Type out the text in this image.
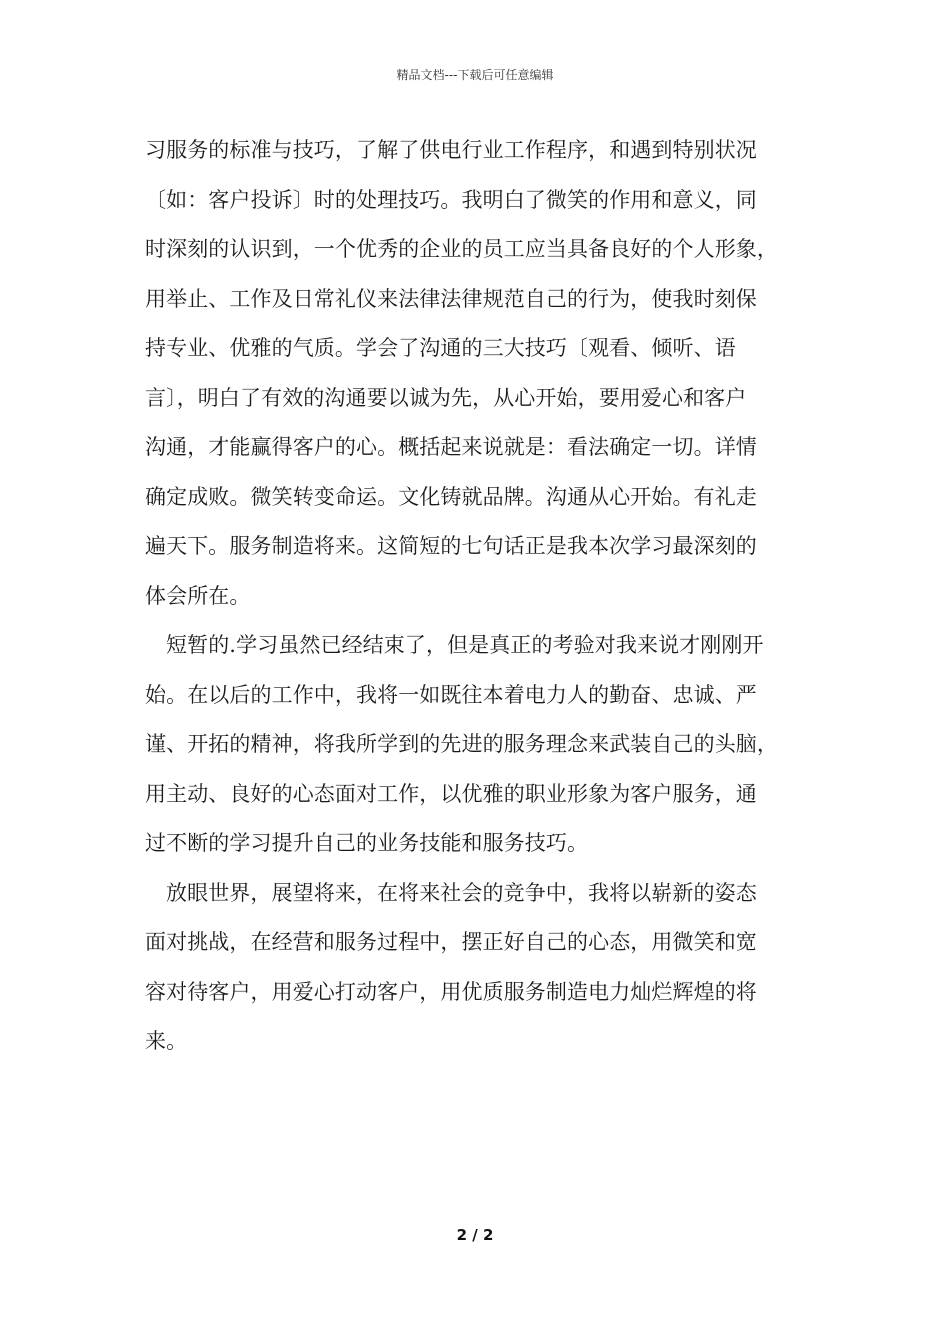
精品文档---下载后可任意编辑
习服务的标准与技巧，了解了供电行业工作程序，和遇到特别状况
〔如：客户投诉〕时的处理技巧。我明白了微笑的作用和意义，同
时深刻的认识到，一个优秀的企业的员工应当具备良好的个人形象，
用举止、工作及日常礼仪来法律法律规范自己的行为，使我时刻保
持专业、优雅的气质。学会了沟通的三大技巧〔观看、倾听、语
言〕，明白了有效的沟通要以诚为先，从心开始，要用爱心和客户
沟通，才能赢得客户的心。概括起来说就是：看法确定一切。详情
确定成败。微笑转变命运。文化铸就品牌。沟通从心开始。有礼走
遍天下。服务制造将来。这简短的七句话正是我本次学习最深刻的
体会所在。
短暂的.学习虽然已经结束了，但是真正的考验对我来说才刚刚开
始。在以后的工作中，我将一如既往本着电力人的勤奋、忠诚、严
谨、开拓的精神，将我所学到的先进的服务理念来武装自己的头脑，
用主动、良好的心态面对工作，以优雅的职业形象为客户服务，通
过不断的学习提升自己的业务技能和服务技巧。
放眼世界，展望将来，在将来社会的竞争中，我将以崭新的姿态
面对挑战，在经营和服务过程中，摆正好自己的心态，用微笑和宽
容对待客户，用爱心打动客户，用优质服务制造电力灿烂辉煌的将
来。
2 / 2
